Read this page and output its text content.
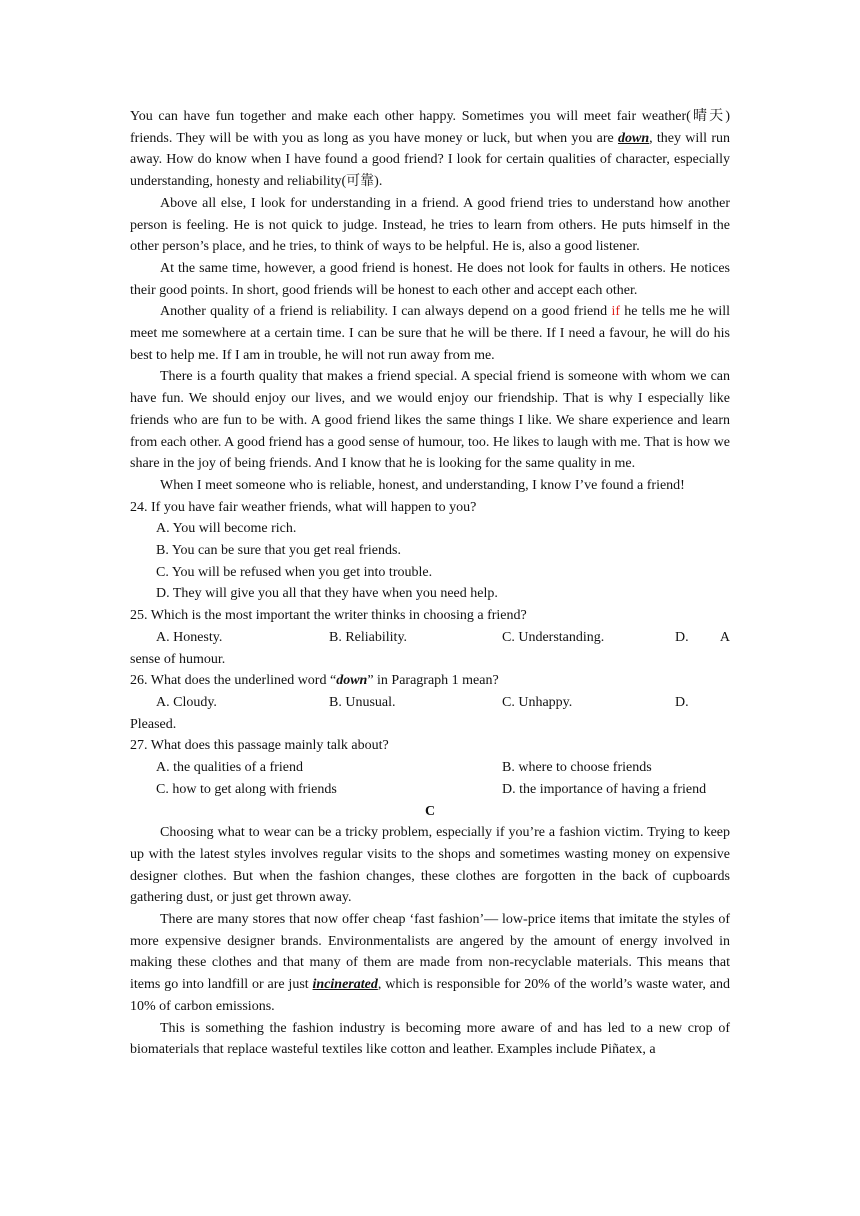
You can have fun together and make each other happy. Sometimes you will meet fair weather(晴天) friends. They will be with you as long as you have money or luck, but when you are down, they will run away. How do know when I have found a good friend? I look for certain qualities of character, especially understanding, honesty and reliability(可靠).

Above all else, I look for understanding in a friend. A good friend tries to understand how another person is feeling. He is not quick to judge. Instead, he tries to learn from others. He puts himself in the other person’s place, and he tries, to think of ways to be helpful. He is, also a good listener.

At the same time, however, a good friend is honest. He does not look for faults in others. He notices their good points. In short, good friends will be honest to each other and accept each other.

Another quality of a friend is reliability. I can always depend on a good friend if he tells me he will meet me somewhere at a certain time. I can be sure that he will be there. If I need a favour, he will do his best to help me. If I am in trouble, he will not run away from me.

There is a fourth quality that makes a friend special. A special friend is someone with whom we can have fun. We should enjoy our lives, and we would enjoy our friendship. That is why I especially like friends who are fun to be with. A good friend likes the same things I like. We share experience and learn from each other. A good friend has a good sense of humour, too. He likes to laugh with me. That is how we share in the joy of being friends. And I know that he is looking for the same quality in me.

When I meet someone who is reliable, honest, and understanding, I know I’ve found a friend!

24. If you have fair weather friends, what will happen to you?

A. You will become rich.

B. You can be sure that you get real friends.

C. You will be refused when you get into trouble.

D. They will give you all that they have when you need help.

25. Which is the most important the writer thinks in choosing a friend?

A. Honesty.	B. Reliability.	C. Understanding.	D. A

sense of humour.

26. What does the underlined word “down” in Paragraph 1 mean?

A. Cloudy.	B. Unusual.	C. Unhappy.	D.

Pleased.

27. What does this passage mainly talk about?

A. the qualities of a friend	B. where to choose friends
C. how to get along with friends	D. the importance of having a friend

C

Choosing what to wear can be a tricky problem, especially if you’re a fashion victim. Trying to keep up with the latest styles involves regular visits to the shops and sometimes wasting money on expensive designer clothes. But when the fashion changes, these clothes are forgotten in the back of cupboards gathering dust, or just get thrown away.

There are many stores that now offer cheap ‘fast fashion’— low-price items that imitate the styles of more expensive designer brands. Environmentalists are angered by the amount of energy involved in making these clothes and that many of them are made from non-recyclable materials. This means that items go into landfill or are just incinerated, which is responsible for 20% of the world’s waste water, and 10% of carbon emissions.

This is something the fashion industry is becoming more aware of and has led to a new crop of biomaterials that replace wasteful textiles like cotton and leather. Examples include Piñatex, a
